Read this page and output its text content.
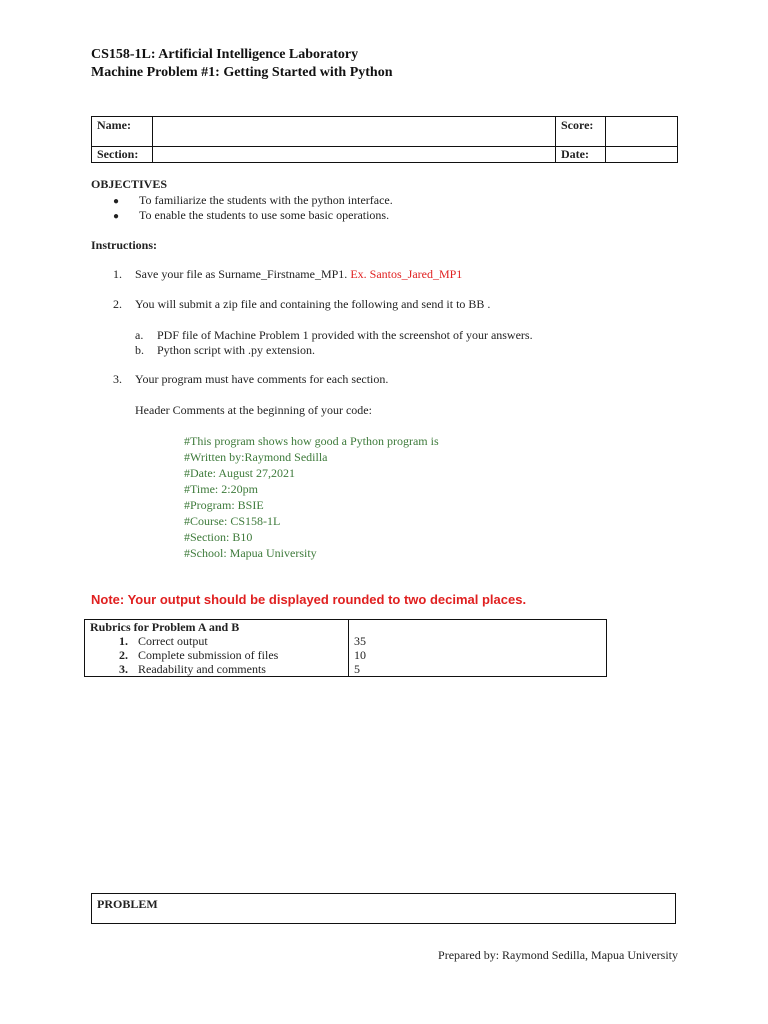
CS158-1L: Artificial Intelligence Laboratory
Machine Problem #1: Getting Started with Python
Name:		Score:	
Section:		Date:	
OBJECTIVES
● To familiarize the students with the python interface.
● To enable the students to use some basic operations.
Instructions:
1. Save your file as Surname_Firstname_MP1. Ex. Santos_Jared_MP1
2. You will submit a zip file and containing the following and send it to BB .
a. PDF file of Machine Problem 1 provided with the screenshot of your answers.
b. Python script with .py extension.
3. Your program must have comments for each section.
Header Comments at the beginning of your code:
#This program shows how good a Python program is
#Written by:Raymond Sedilla
#Date: August 27,2021
#Time: 2:20pm
#Program: BSIE
#Course: CS158-1L
#Section: B10
#School: Mapua University
Note: Your output should be displayed rounded to two decimal places.
Rubrics for Problem A and B	
1. Correct output	35
2. Complete submission of files	10
3. Readability and comments	5
PROBLEM
Prepared by: Raymond Sedilla, Mapua University
